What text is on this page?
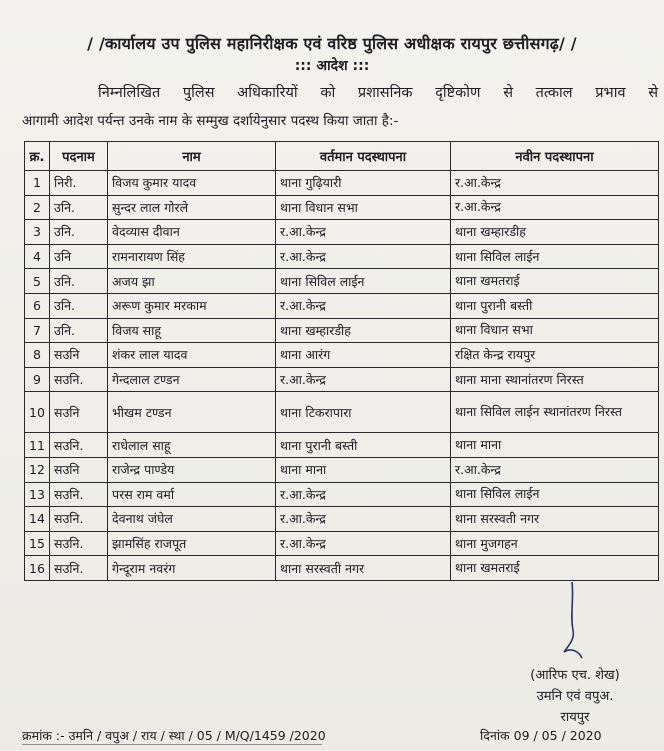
/ /कार्यालय उप पुलिस महानिरीक्षक एवं वरिष्ठ पुलिस अधीक्षक रायपुर छत्तीसगढ़/ /
::: आदेश :::
निम्नलिखित पुलिस अधिकारियों को प्रशासनिक दृष्टिकोण से तत्काल प्रभाव से
आगामी आदेश पर्यन्त उनके नाम के सम्मुख दर्शायेनुसार पदस्थ किया जाता है:-
क्र.	पदनाम	नाम	वर्तमान पदस्थापना	नवीन पदस्थापना
1	निरी.	विजय कुमार यादव	थाना गुढ़ियारी	र.आ.केन्द्र
2	उनि.	सुन्दर लाल गोरले	थाना विधान सभा	र.आ.केन्द्र
3	उनि.	वेदव्यास दीवान	र.आ.केन्द्र	थाना खम्हारडीह
4	उनि	रामनारायण सिंह	र.आ.केन्द्र	थाना सिविल लाईन
5	उनि.	अजय झा	थाना सिविल लाईन	थाना खमतराई
6	उनि.	अरूण कुमार मरकाम	र.आ.केन्द्र	थाना पुरानी बस्ती
7	उनि.	विजय साहू	थाना खम्हारडीह	थाना विधान सभा
8	सउनि	शंकर लाल यादव	थाना आरंग	रक्षित केन्द्र रायपुर
9	सउनि.	गेन्दलाल टण्डन	र.आ.केन्द्र	थाना माना स्थानांतरण निरस्त
10	सउनि	भीखम टण्डन	थाना टिकरापारा	थाना सिविल लाईन स्थानांतरण निरस्त
11	सउनि.	राधेलाल साहू	थाना पुरानी बस्ती	थाना माना
12	सउनि	राजेन्द्र पाण्डेय	थाना माना	र.आ.केन्द्र
13	सउनि.	परस राम वर्मा	र.आ.केन्द्र	थाना सिविल लाईन
14	सउनि.	देवनाथ जंघेल	र.आ.केन्द्र	थाना सरस्वती नगर
15	सउनि.	झामसिंह राजपूत	र.आ.केन्द्र	थाना मुजगहन
16	सउनि.	गेन्दूराम नवरंग	थाना सरस्वती नगर	थाना खमतराई
(आरिफ एच. शेख)
उमनि एवं वपुअ.
रायपुर
क्रमांक :- उमनि / वपुअ / राय / स्था / 05 / M/Q/1459 /2020	दिनांक 09 / 05 / 2020
